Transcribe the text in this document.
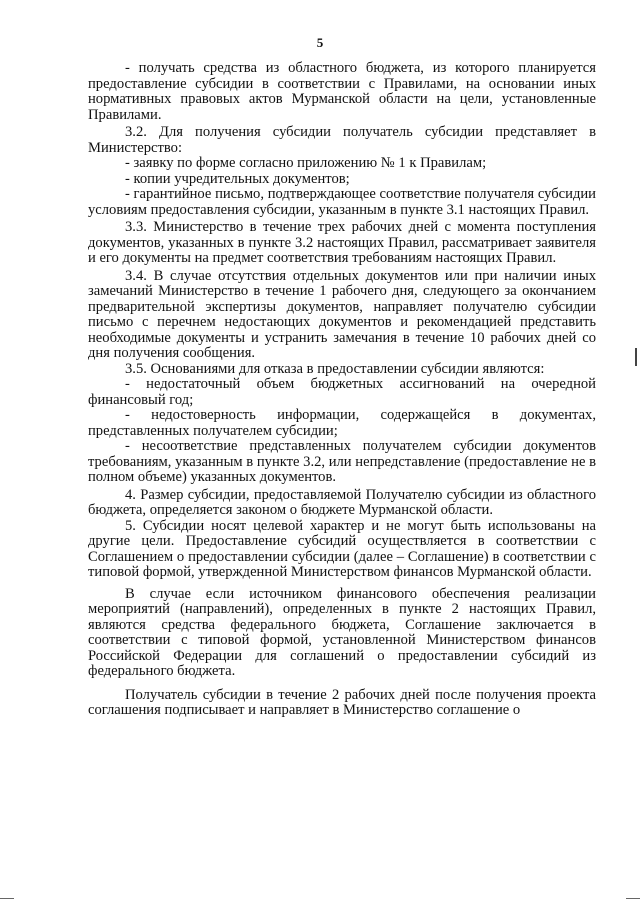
5

- получать средства из областного бюджета, из которого планируется предоставление субсидии в соответствии с Правилами, на основании иных нормативных правовых актов Мурманской области на цели, установленные Правилами.

3.2. Для получения субсидии получатель субсидии представляет в Министерство:

- заявку по форме согласно приложению № 1 к Правилам;

- копии учредительных документов;

- гарантийное письмо, подтверждающее соответствие получателя субсидии условиям предоставления субсидии, указанным в пункте 3.1 настоящих Правил.

3.3. Министерство в течение трех рабочих дней с момента поступления документов, указанных в пункте 3.2 настоящих Правил, рассматривает заявителя и его документы на предмет соответствия требованиям настоящих Правил.

3.4. В случае отсутствия отдельных документов или при наличии иных замечаний Министерство в течение 1 рабочего дня, следующего за окончанием предварительной экспертизы документов, направляет получателю субсидии письмо с перечнем недостающих документов и рекомендацией представить необходимые документы и устранить замечания в течение 10 рабочих дней со дня получения сообщения.

3.5. Основаниями для отказа в предоставлении субсидии являются:

- недостаточный объем бюджетных ассигнований на очередной финансовый год;

- недостоверность информации, содержащейся в документах, представленных получателем субсидии;

- несоответствие представленных получателем субсидии документов требованиям, указанным в пункте 3.2, или непредставление (предоставление не в полном объеме) указанных документов.

4. Размер субсидии, предоставляемой Получателю субсидии из областного бюджета, определяется законом о бюджете Мурманской области.

5. Субсидии носят целевой характер и не могут быть использованы на другие цели. Предоставление субсидий осуществляется в соответствии с Соглашением о предоставлении субсидии (далее – Соглашение) в соответствии с типовой формой, утвержденной Министерством финансов Мурманской области.

В случае если источником финансового обеспечения реализации мероприятий (направлений), определенных в пункте 2 настоящих Правил, являются средства федерального бюджета, Соглашение заключается в соответствии с типовой формой, установленной Министерством финансов Российской Федерации для соглашений о предоставлении субсидий из федерального бюджета.

Получатель субсидии в течение 2 рабочих дней после получения проекта соглашения подписывает и направляет в Министерство соглашение о
